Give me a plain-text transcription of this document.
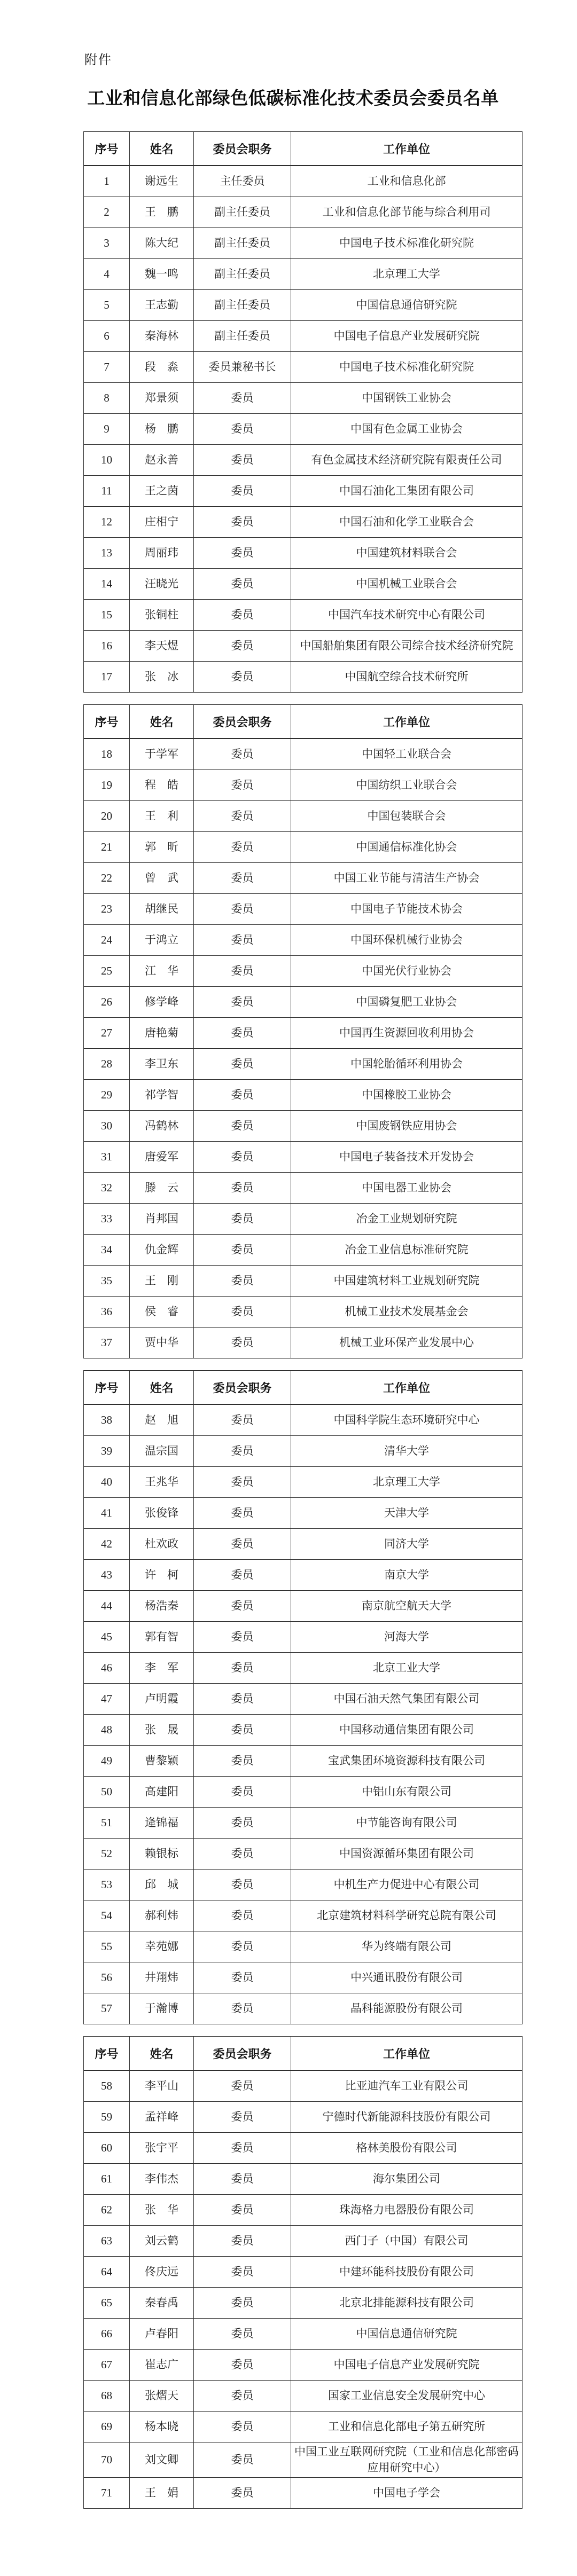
附件
工业和信息化部绿色低碳标准化技术委员会委员名单
序号	姓名	委员会职务	工作单位
1	谢远生	主任委员	工业和信息化部
2	王　鹏	副主任委员	工业和信息化部节能与综合利用司
3	陈大纪	副主任委员	中国电子技术标准化研究院
4	魏一鸣	副主任委员	北京理工大学
5	王志勤	副主任委员	中国信息通信研究院
6	秦海林	副主任委员	中国电子信息产业发展研究院
7	段　淼	委员兼秘书长	中国电子技术标准化研究院
8	郑景须	委员	中国钢铁工业协会
9	杨　鹏	委员	中国有色金属工业协会
10	赵永善	委员	有色金属技术经济研究院有限责任公司
11	王之茵	委员	中国石油化工集团有限公司
12	庄相宁	委员	中国石油和化学工业联合会
13	周丽玮	委员	中国建筑材料联合会
14	汪晓光	委员	中国机械工业联合会
15	张铜柱	委员	中国汽车技术研究中心有限公司
16	李天煜	委员	中国船舶集团有限公司综合技术经济研究院
17	张　冰	委员	中国航空综合技术研究所
序号	姓名	委员会职务	工作单位
18	于学军	委员	中国轻工业联合会
19	程　皓	委员	中国纺织工业联合会
20	王　利	委员	中国包装联合会
21	郭　昕	委员	中国通信标准化协会
22	曾　武	委员	中国工业节能与清洁生产协会
23	胡继民	委员	中国电子节能技术协会
24	于鸿立	委员	中国环保机械行业协会
25	江　华	委员	中国光伏行业协会
26	修学峰	委员	中国磷复肥工业协会
27	唐艳菊	委员	中国再生资源回收利用协会
28	李卫东	委员	中国轮胎循环利用协会
29	祁学智	委员	中国橡胶工业协会
30	冯鹤林	委员	中国废钢铁应用协会
31	唐爱军	委员	中国电子装备技术开发协会
32	滕　云	委员	中国电器工业协会
33	肖邦国	委员	冶金工业规划研究院
34	仇金辉	委员	冶金工业信息标准研究院
35	王　刚	委员	中国建筑材料工业规划研究院
36	侯　睿	委员	机械工业技术发展基金会
37	贾中华	委员	机械工业环保产业发展中心
序号	姓名	委员会职务	工作单位
38	赵　旭	委员	中国科学院生态环境研究中心
39	温宗国	委员	清华大学
40	王兆华	委员	北京理工大学
41	张俊锋	委员	天津大学
42	杜欢政	委员	同济大学
43	许　柯	委员	南京大学
44	杨浩秦	委员	南京航空航天大学
45	郭有智	委员	河海大学
46	李　军	委员	北京工业大学
47	卢明霞	委员	中国石油天然气集团有限公司
48	张　晟	委员	中国移动通信集团有限公司
49	曹黎颖	委员	宝武集团环境资源科技有限公司
50	高建阳	委员	中铝山东有限公司
51	逄锦福	委员	中节能咨询有限公司
52	赖银标	委员	中国资源循环集团有限公司
53	邱　城	委员	中机生产力促进中心有限公司
54	郝利炜	委员	北京建筑材料科学研究总院有限公司
55	幸苑娜	委员	华为终端有限公司
56	井翔炜	委员	中兴通讯股份有限公司
57	于瀚博	委员	晶科能源股份有限公司
序号	姓名	委员会职务	工作单位
58	李平山	委员	比亚迪汽车工业有限公司
59	孟祥峰	委员	宁德时代新能源科技股份有限公司
60	张宇平	委员	格林美股份有限公司
61	李伟杰	委员	海尔集团公司
62	张　华	委员	珠海格力电器股份有限公司
63	刘云鹤	委员	西门子（中国）有限公司
64	佟庆远	委员	中建环能科技股份有限公司
65	秦春禹	委员	北京北排能源科技有限公司
66	卢春阳	委员	中国信息通信研究院
67	崔志广	委员	中国电子信息产业发展研究院
68	张熠天	委员	国家工业信息安全发展研究中心
69	杨本晓	委员	工业和信息化部电子第五研究所
70	刘文卿	委员	中国工业互联网研究院（工业和信息化部密码应用研究中心）
71	王　娟	委员	中国电子学会
